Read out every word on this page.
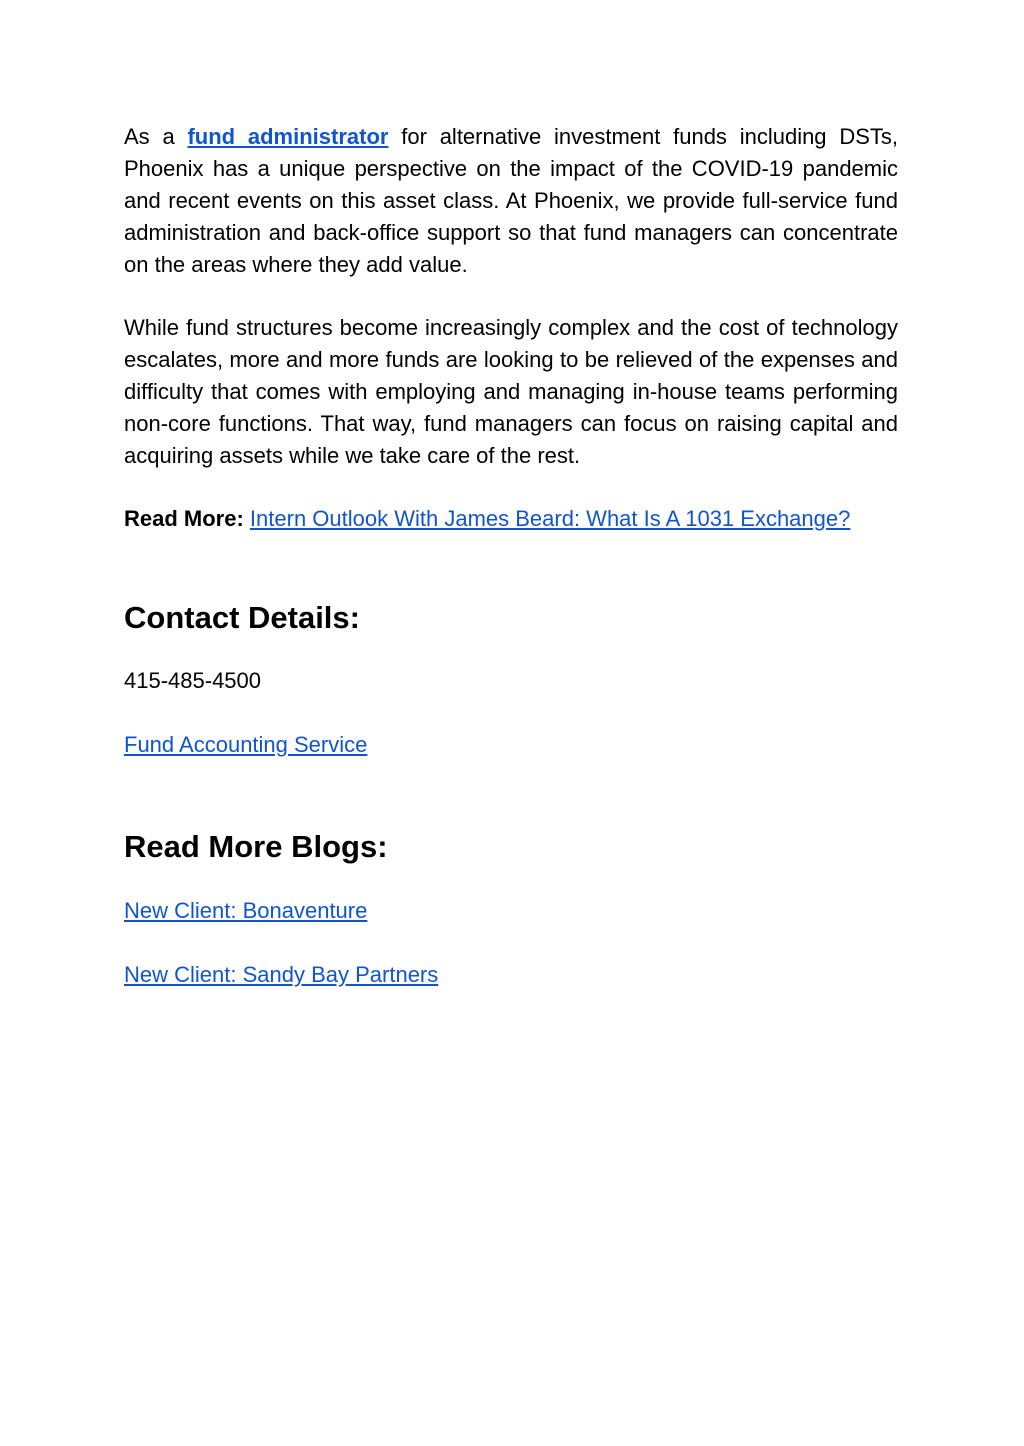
As a fund administrator for alternative investment funds including DSTs, Phoenix has a unique perspective on the impact of the COVID-19 pandemic and recent events on this asset class. At Phoenix, we provide full-service fund administration and back-office support so that fund managers can concentrate on the areas where they add value.

While fund structures become increasingly complex and the cost of technology escalates, more and more funds are looking to be relieved of the expenses and difficulty that comes with employing and managing in-house teams performing non-core functions. That way, fund managers can focus on raising capital and acquiring assets while we take care of the rest.

Read More: Intern Outlook With James Beard: What Is A 1031 Exchange?

Contact Details:

415-485-4500

Fund Accounting Service

Read More Blogs:

New Client: Bonaventure

New Client: Sandy Bay Partners
